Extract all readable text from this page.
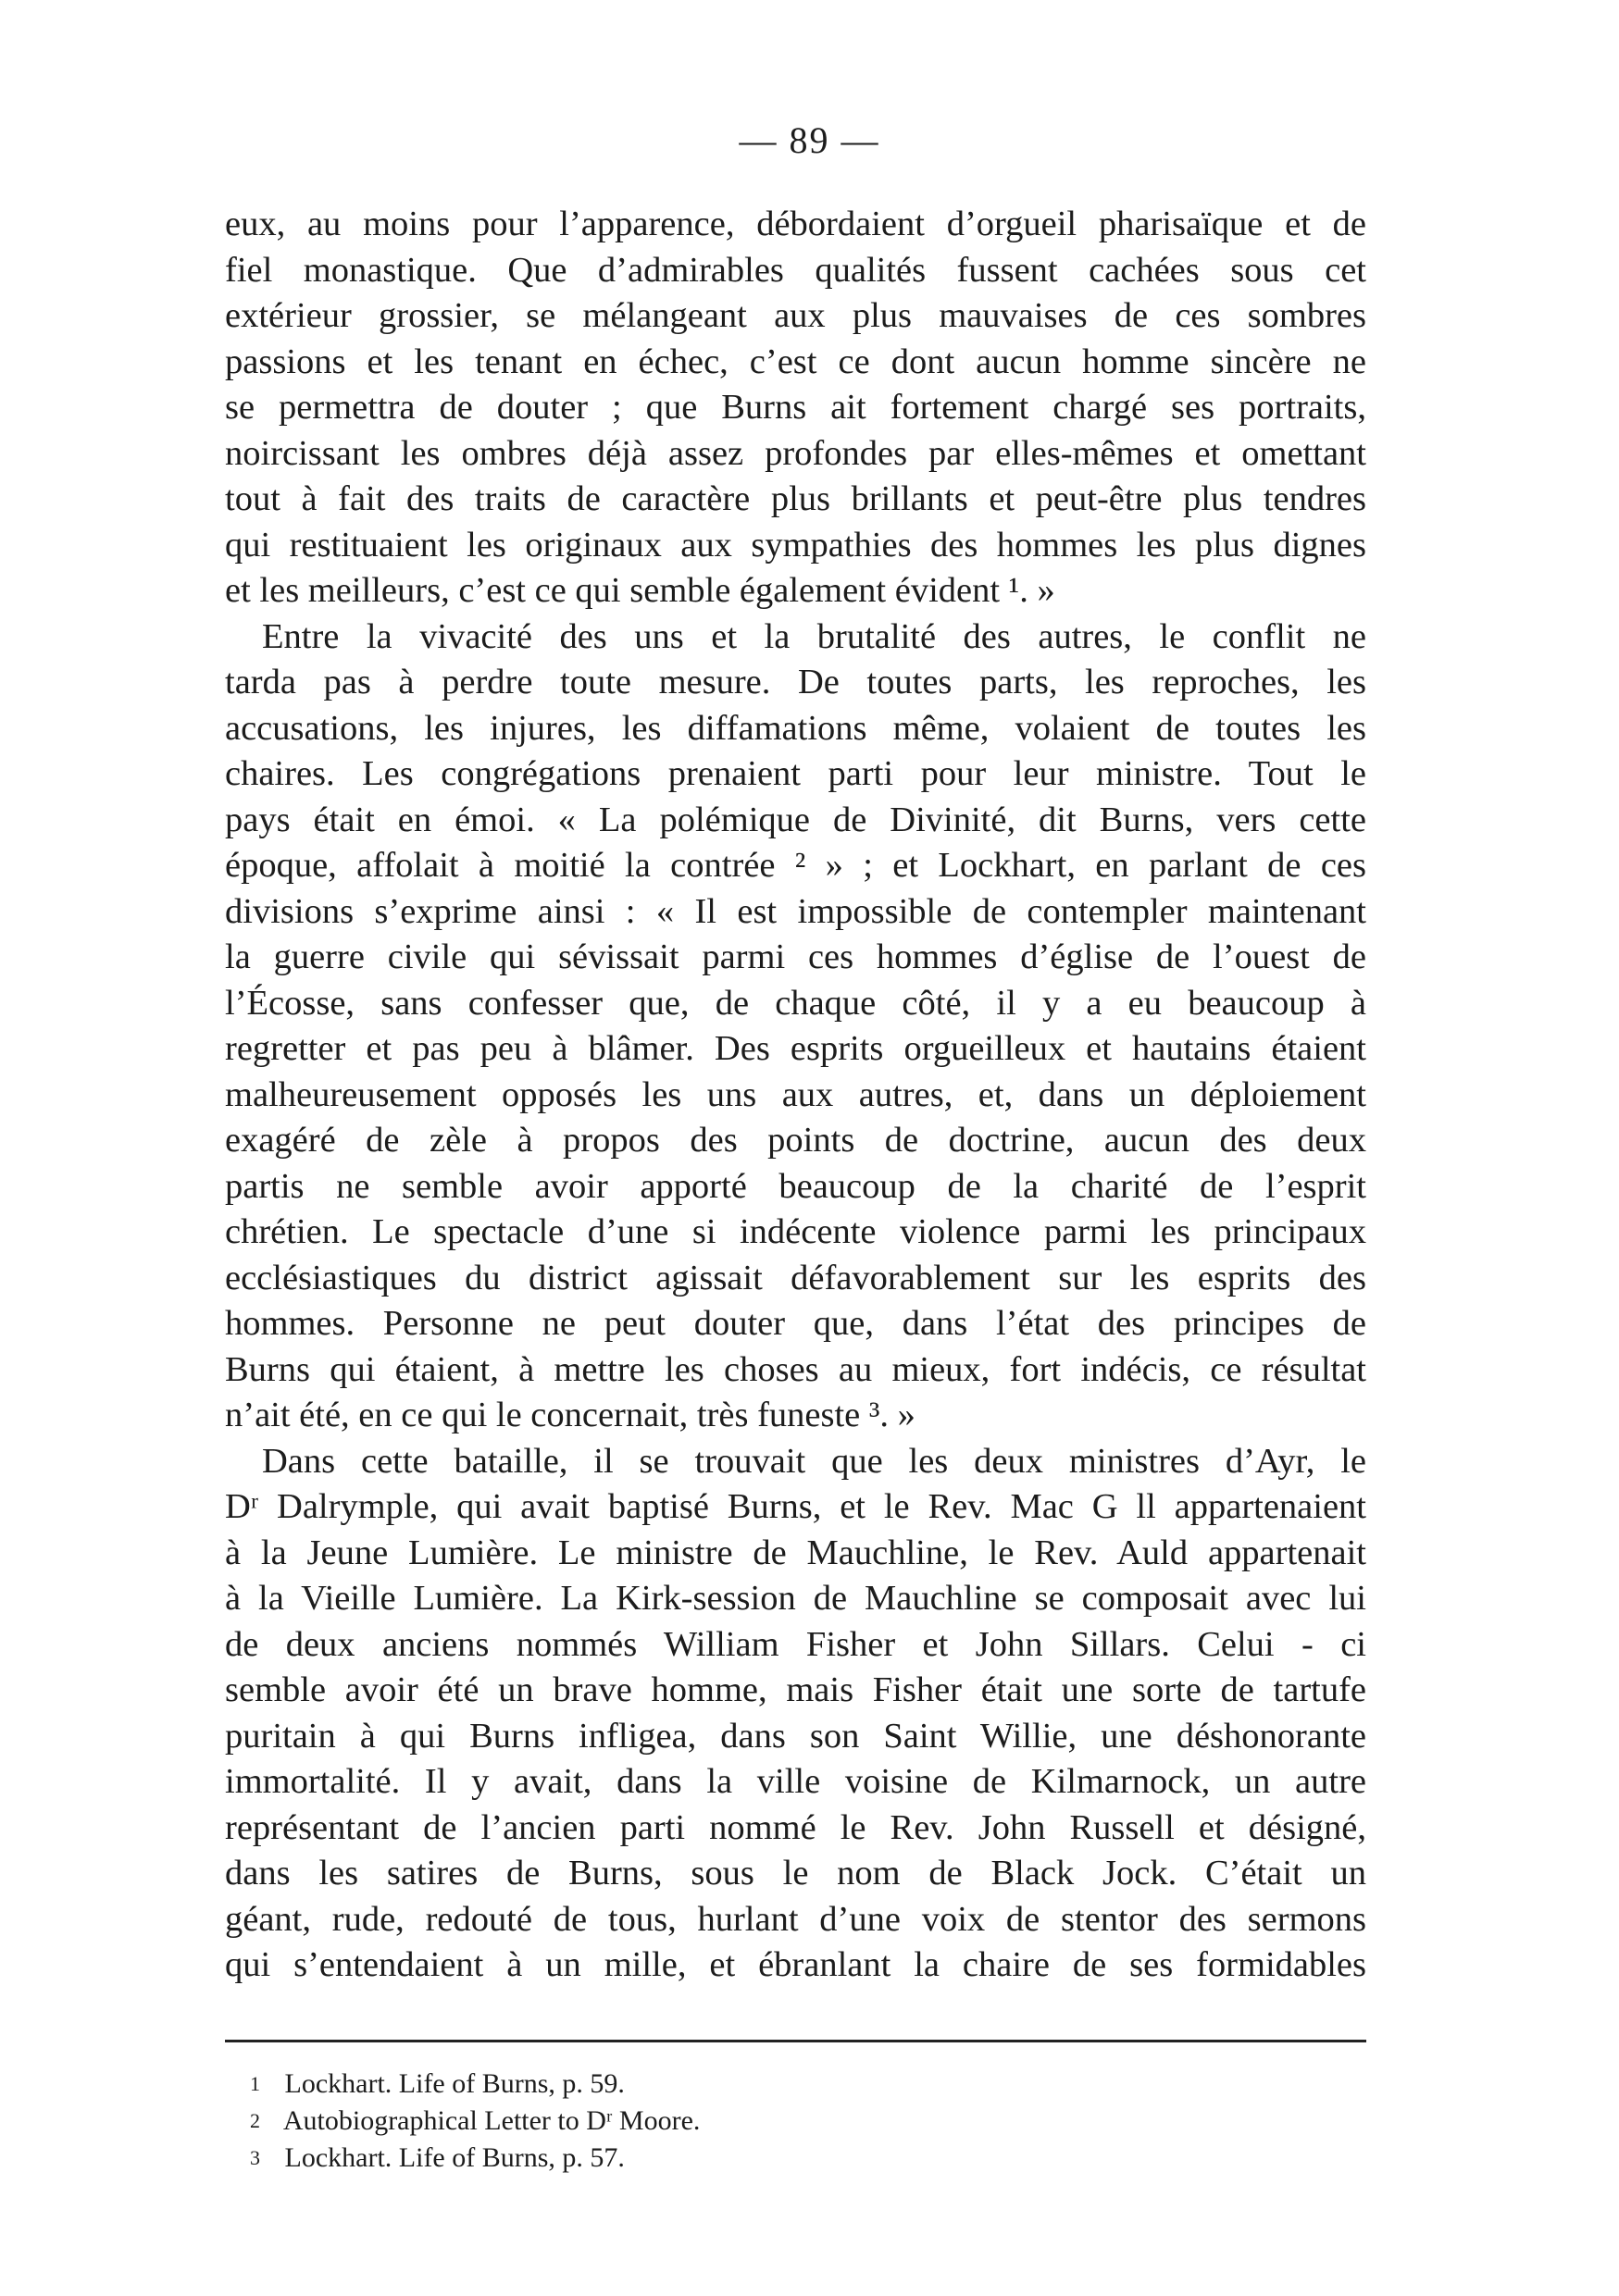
— 89 —
eux, au moins pour l’apparence, débordaient d’orgueil pharisaïque et de
fiel monastique. Que d’admirables qualités fussent cachées sous cet
extérieur grossier, se mélangeant aux plus mauvaises de ces sombres
passions et les tenant en échec, c’est ce dont aucun homme sincère ne
se permettra de douter ; que Burns ait fortement chargé ses portraits,
noircissant les ombres déjà assez profondes par elles-mêmes et omettant
tout à fait des traits de caractère plus brillants et peut-être plus tendres
qui restituaient les originaux aux sympathies des hommes les plus dignes
et les meilleurs, c’est ce qui semble également évident ¹. »
Entre la vivacité des uns et la brutalité des autres, le conflit ne
tarda pas à perdre toute mesure. De toutes parts, les reproches, les
accusations, les injures, les diffamations même, volaient de toutes les
chaires. Les congrégations prenaient parti pour leur ministre. Tout le
pays était en émoi. « La polémique de Divinité, dit Burns, vers cette
époque, affolait à moitié la contrée ² » ; et Lockhart, en parlant de ces
divisions s’exprime ainsi : « Il est impossible de contempler maintenant
la guerre civile qui sévissait parmi ces hommes d’église de l’ouest de
l’Écosse, sans confesser que, de chaque côté, il y a eu beaucoup à
regretter et pas peu à blâmer. Des esprits orgueilleux et hautains étaient
malheureusement opposés les uns aux autres, et, dans un déploiement
exagéré de zèle à propos des points de doctrine, aucun des deux
partis ne semble avoir apporté beaucoup de la charité de l’esprit
chrétien. Le spectacle d’une si indécente violence parmi les principaux
ecclésiastiques du district agissait défavorablement sur les esprits des
hommes. Personne ne peut douter que, dans l’état des principes de
Burns qui étaient, à mettre les choses au mieux, fort indécis, ce résultat
n’ait été, en ce qui le concernait, très funeste ³. »
Dans cette bataille, il se trouvait que les deux ministres d’Ayr, le
Dʳ Dalrymple, qui avait baptisé Burns, et le Rev. Mac G ll appartenaient
à la Jeune Lumière. Le ministre de Mauchline, le Rev. Auld appartenait
à la Vieille Lumière. La Kirk-session de Mauchline se composait avec lui
de deux anciens nommés William Fisher et John Sillars. Celui - ci
semble avoir été un brave homme, mais Fisher était une sorte de tartufe
puritain à qui Burns infligea, dans son Saint Willie, une déshonorante
immortalité. Il y avait, dans la ville voisine de Kilmarnock, un autre
représentant de l’ancien parti nommé le Rev. John Russell et désigné,
dans les satires de Burns, sous le nom de Black Jock. C’était un
géant, rude, redouté de tous, hurlant d’une voix de stentor des sermons
qui s’entendaient à un mille, et ébranlant la chaire de ses formidables
1 Lockhart. Life of Burns, p. 59.
2 Autobiographical Letter to Dʳ Moore.
3 Lockhart. Life of Burns, p. 57.
